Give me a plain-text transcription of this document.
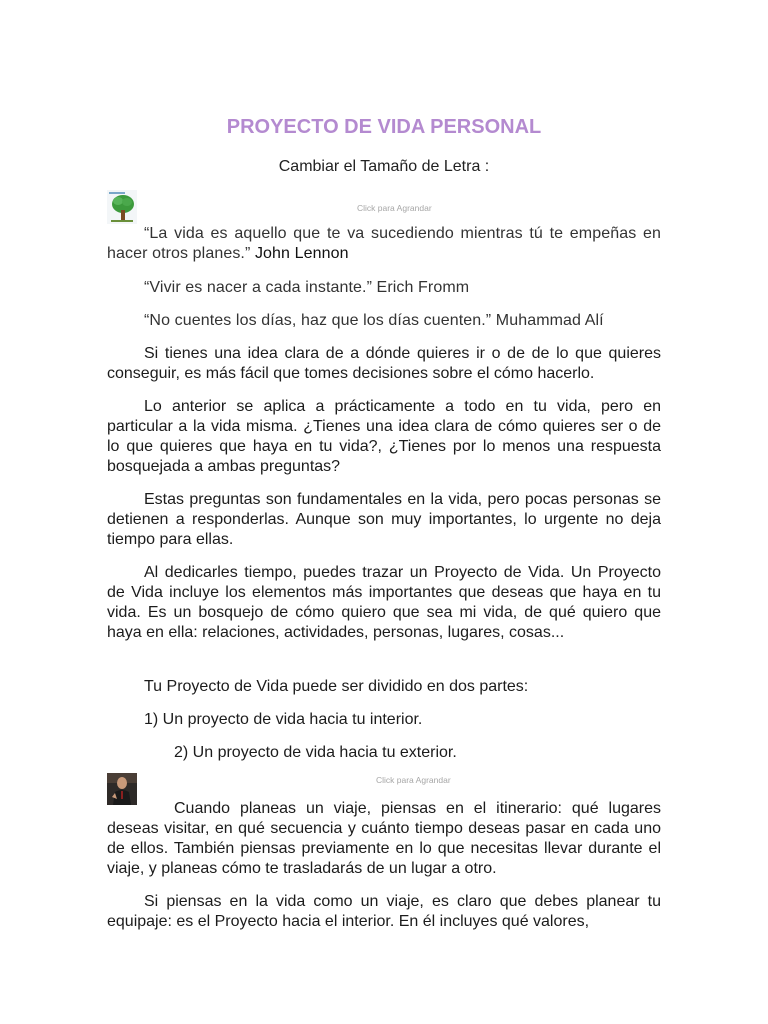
PROYECTO DE VIDA PERSONAL
Cambiar el Tamaño de Letra :
Click para Agrandar
“La vida es aquello que te va sucediendo mientras tú te empeñas en hacer otros planes.” John Lennon
“Vivir es nacer a cada instante.” Erich Fromm
“No cuentes los días, haz que los días cuenten.” Muhammad Alí
Si tienes una idea clara de a dónde quieres ir o de de lo que quieres conseguir, es más fácil que tomes decisiones sobre el cómo hacerlo.
Lo anterior se aplica a prácticamente a todo en tu vida, pero en particular a la vida misma. ¿Tienes una idea clara de cómo quieres ser o de lo que quieres que haya en tu vida?, ¿Tienes por lo menos una respuesta bosquejada a ambas preguntas?
Estas preguntas son fundamentales en la vida, pero pocas personas se detienen a responderlas. Aunque son muy importantes, lo urgente no deja tiempo para ellas.
Al dedicarles tiempo, puedes trazar un Proyecto de Vida. Un Proyecto de Vida incluye los elementos más importantes que deseas que haya en tu vida. Es un bosquejo de cómo quiero que sea mi vida, de qué quiero que haya en ella: relaciones, actividades, personas, lugares, cosas...
Tu Proyecto de Vida puede ser dividido en dos partes:
1) Un proyecto de vida hacia tu interior.
2) Un proyecto de vida hacia tu exterior.
Click para Agrandar
Cuando planeas un viaje, piensas en el itinerario: qué lugares deseas visitar, en qué secuencia y cuánto tiempo deseas pasar en cada uno de ellos. También piensas previamente en lo que necesitas llevar durante el viaje, y planeas cómo te trasladarás de un lugar a otro.
Si piensas en la vida como un viaje, es claro que debes planear tu equipaje: es el Proyecto hacia el interior. En él incluyes qué valores,
